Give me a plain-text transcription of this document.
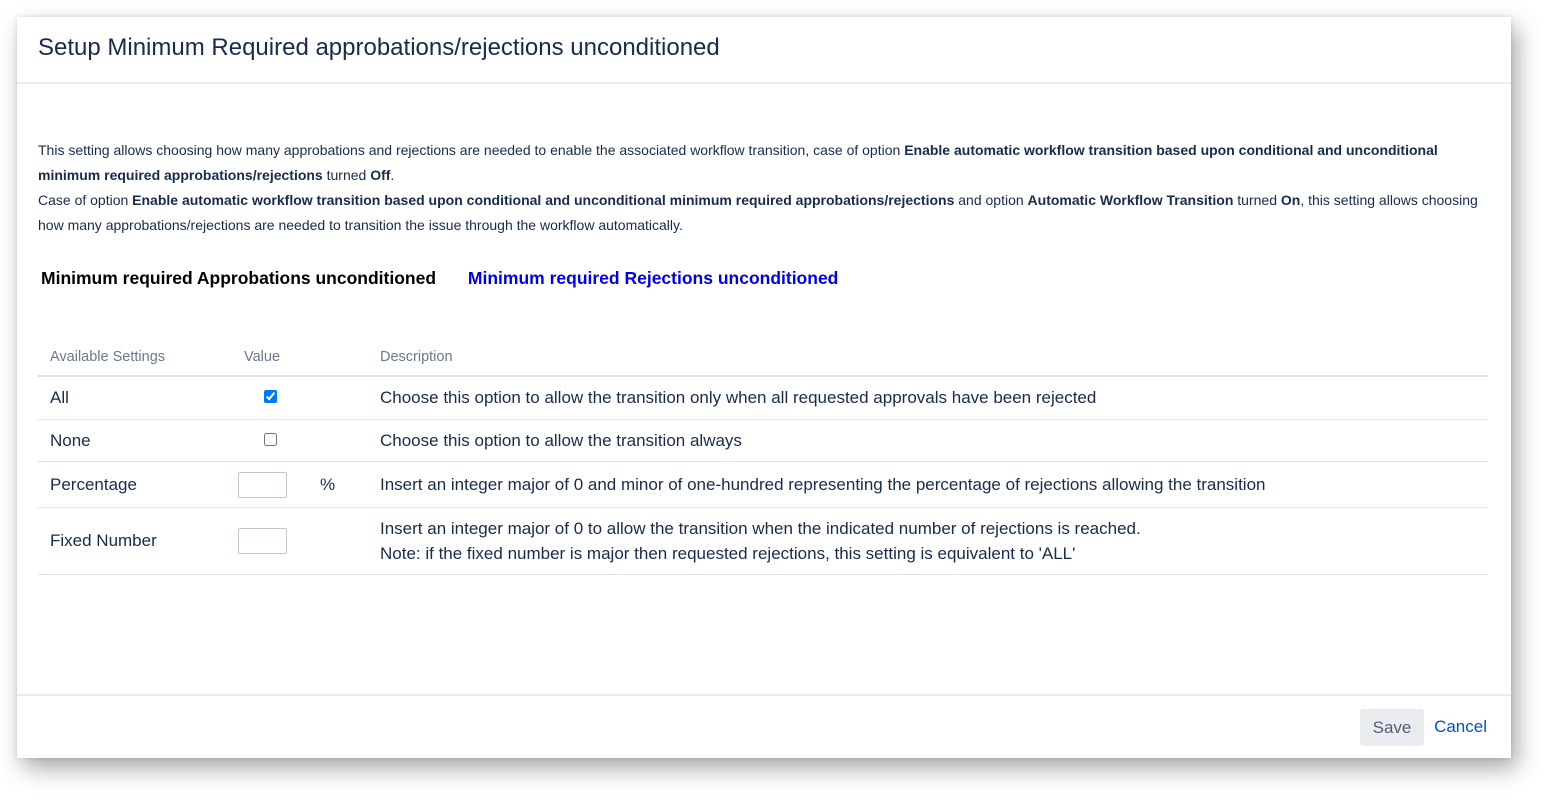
Setup Minimum Required approbations/rejections unconditioned

This setting allows choosing how many approbations and rejections are needed to enable the associated workflow transition, case of option Enable automatic workflow transition based upon conditional and unconditional minimum required approbations/rejections turned Off.

Case of option Enable automatic workflow transition based upon conditional and unconditional minimum required approbations/rejections and option Automatic Workflow Transition turned On, this setting allows choosing how many approbations/rejections are needed to transition the issue through the workflow automatically.

Minimum required Approbations unconditioned Minimum required Rejections unconditioned
Available Settings	Value		Description
All			Choose this option to allow the transition only when all requested approvals have been rejected
None			Choose this option to allow the transition always
Percentage		%	Insert an integer major of 0 and minor of one-hundred representing the percentage of rejections allowing the transition
Fixed Number			Insert an integer major of 0 to allow the transition when the indicated number of rejections is reached.
Note: if the fixed number is major then requested rejections, this setting is equivalent to 'ALL'
Save	Cancel
